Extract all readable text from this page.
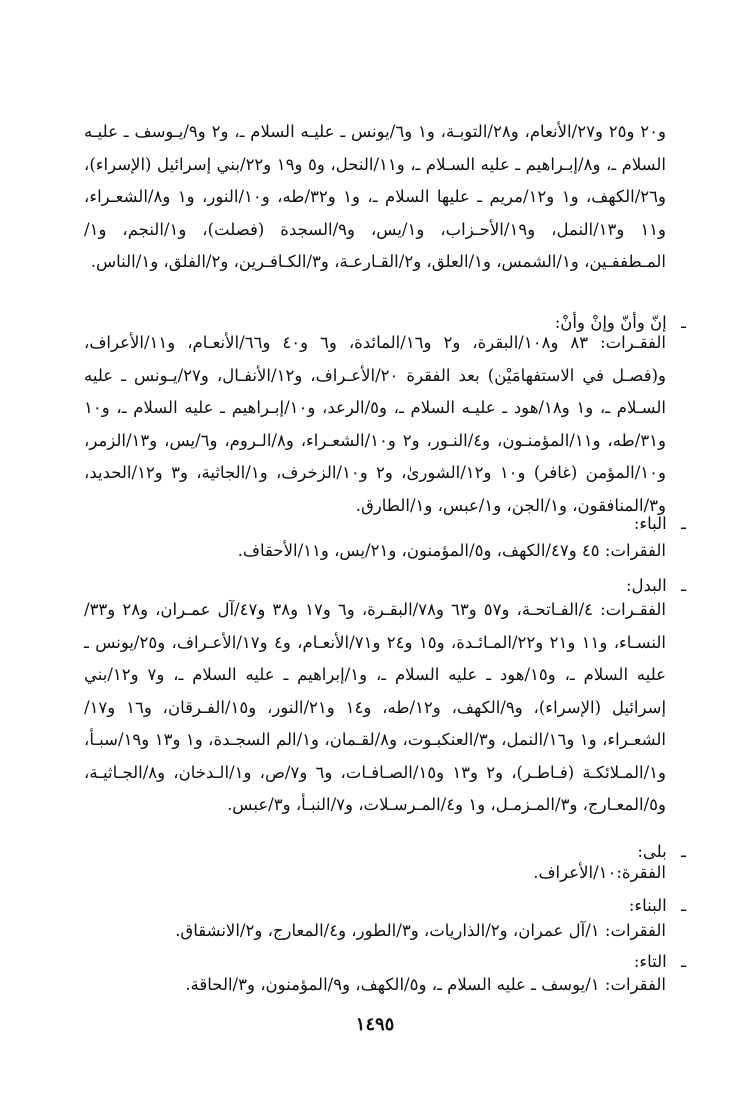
و٢٠ و٢٥ و٢٧/الأنعام، و٢٨/التوبـة، و١ و٦/يونس ـ عليـه السلام ـ، و٢ و٩/يـوسف ـ عليـه السلام ـ، و٨/إبـراهيم ـ عليه السـلام ـ، و١١/النحل، و٥ و١٩ و٢٢/بني إسرائيل (الإسراء)، و٢٦/الكهف، و١ و١٢/مريم ـ عليها السلام ـ، و١ و٣٢/طه، و١٠/النور، و١ و٨/الشعـراء، و١١ و١٣/النمل، و١٩/الأحـزاب، و١/يس، و٩/السجدة (فصلت)، و١/النجم، و١/المـطففـين، و١/الشمس، و١/العلق، و٢/القـارعـة، و٣/الكـافـرين، و٢/الفلق، و١/الناس.

ـ إنّ وأنّ وإنْ وأنْ:

الفقـرات: ٨٣ و١٠٨/البقرة، و٢ و١٦/المائدة، و٦ و٤٠ و٦٦/الأنعـام، و١١/الأعراف، و(فصـل في الاستفهامَيْن) بعد الفقرة ٢٠/الأعـراف، و١٢/الأنفـال، و٢٧/يـونس ـ عليه السـلام ـ، و١ و١٨/هود ـ عليـه السلام ـ، و٥/الرعد، و١٠/إبـراهيم ـ عليه السلام ـ، و١٠ و٣١/طه، و١١/المؤمنـون، و٤/النـور، و٢ و١٠/الشعـراء، و٨/الـروم، و٦/يس، و١٣/الزمر، و١٠/المؤمن (غافر) و١٠ و١٢/الشورىٰ، و٢ و١٠/الزخرف، و١/الجاثية، و٣ و١٢/الحديد، و٣/المنافقون، و١/الجن، و١/عبس، و١/الطارق.

ـ الباء:

الفقرات: ٤٥ و٤٧/الكهف، و٥/المؤمنون، و٢١/يس، و١١/الأحقاف.

ـ البدل:

الفقـرات: ٤/الفـاتحـة، و٥٧ و٦٣ و٧٨/البقـرة، و٦ و١٧ و٣٨ و٤٧/آل عمـران، و٢٨ و٣٣/النسـاء، و١١ و٢١ و٢٢/المـائـدة، و١٥ و٢٤ و٧١/الأنعـام، و٤ و١٧/الأعـراف، و٢٥/يونس ـ عليه السلام ـ، و١٥/هود ـ عليه السلام ـ، و١/إبراهيم ـ عليه السلام ـ، و٧ و١٢/بني إسرائيل (الإسراء)، و٩/الكهف، و١٢/طه، و١٤ و٢١/النور، و١٥/الفـرقان، و١٦ و١٧/الشعـراء، و١ و١٦/النمل، و٣/العنكبـوت، و٨/لقـمان، و١/الم السجـدة، و١ و١٣ و١٩/سبـأ، و١/المـلائكـة (فـاطـر)، و٢ و١٣ و١٥/الصـافـات، و٦ و٧/ص، و١/الـدخان، و٨/الجـاثيـة، و٥/المعـارج، و٣/المـزمـل، و١ و٤/المـرسـلات، و٧/النبـأ، و٣/عبس.

ـ بلى:

الفقرة:١٠/الأعراف.

ـ البناء:

الفقرات: ١/آل عمران، و٢/الذاريات، و٣/الطور، و٤/المعارج، و٢/الانشقاق.

ـ التاء:

الفقرات: ١/يوسف ـ عليه السلام ـ، و٥/الكهف، و٩/المؤمنون، و٣/الحاقة.

١٤٩٥
